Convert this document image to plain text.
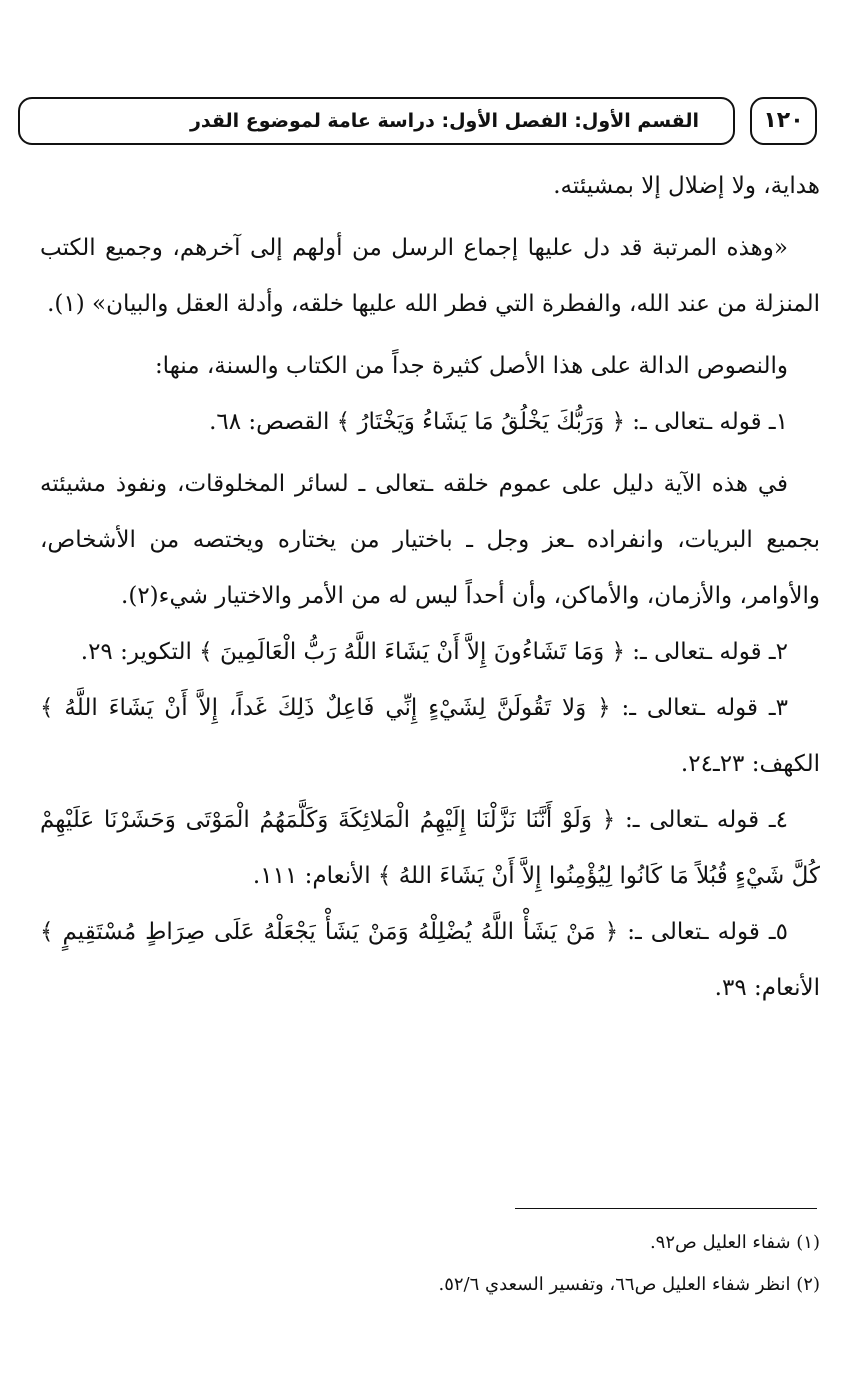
القسم الأول: الفصل الأول: دراسة عامة لموضوع القدر	١٢٠

هداية، ولا إضلال إلا بمشيئته.

«وهذه المرتبة قد دل عليها إجماع الرسل من أولهم إلى آخرهم، وجميع الكتب المنزلة من عند الله، والفطرة التي فطر الله عليها خلقه، وأدلة العقل والبيان» (١).

والنصوص الدالة على هذا الأصل كثيرة جداً من الكتاب والسنة، منها:

١ـ قوله ـتعالى ـ: ﴿ وَرَبُّكَ يَخْلُقُ مَا يَشَاءُ وَيَخْتَارُ ﴾ القصص: ٦٨.

في هذه الآية دليل على عموم خلقه ـتعالى ـ لسائر المخلوقات، ونفوذ مشيئته بجميع البريات، وانفراده ـعز وجل ـ باختيار من يختاره ويختصه من الأشخاص، والأوامر، والأزمان، والأماكن، وأن أحداً ليس له من الأمر والاختيار شيء(٢).

٢ـ قوله ـتعالى ـ: ﴿ وَمَا تَشَاءُونَ إِلاَّ أَنْ يَشَاءَ اللَّهُ رَبُّ الْعَالَمِينَ ﴾ التكوير: ٢٩.

٣ـ قوله ـتعالى ـ: ﴿ وَلا تَقُولَنَّ لِشَيْءٍ إِنِّي فَاعِلٌ ذَلِكَ غَداً، إِلاَّ أَنْ يَشَاءَ اللَّهُ ﴾ الكهف: ٢٣ـ٢٤.

٤ـ قوله ـتعالى ـ: ﴿ وَلَوْ أَنَّنَا نَزَّلْنَا إِلَيْهِمُ الْمَلائِكَةَ وَكَلَّمَهُمُ الْمَوْتَى وَحَشَرْنَا عَلَيْهِمْ كُلَّ شَيْءٍ قُبُلاً مَا كَانُوا لِيُؤْمِنُوا إِلاَّ أَنْ يَشَاءَ اللهُ ﴾ الأنعام: ١١١.

٥ـ قوله ـتعالى ـ: ﴿ مَنْ يَشَأْ اللَّهُ يُضْلِلْهُ وَمَنْ يَشَأْ يَجْعَلْهُ عَلَى صِرَاطٍ مُسْتَقِيمٍ ﴾ الأنعام: ٣٩.

(١) شفاء العليل ص٩٢.

(٢) انظر شفاء العليل ص٦٦، وتفسير السعدي ٥٢/٦.
